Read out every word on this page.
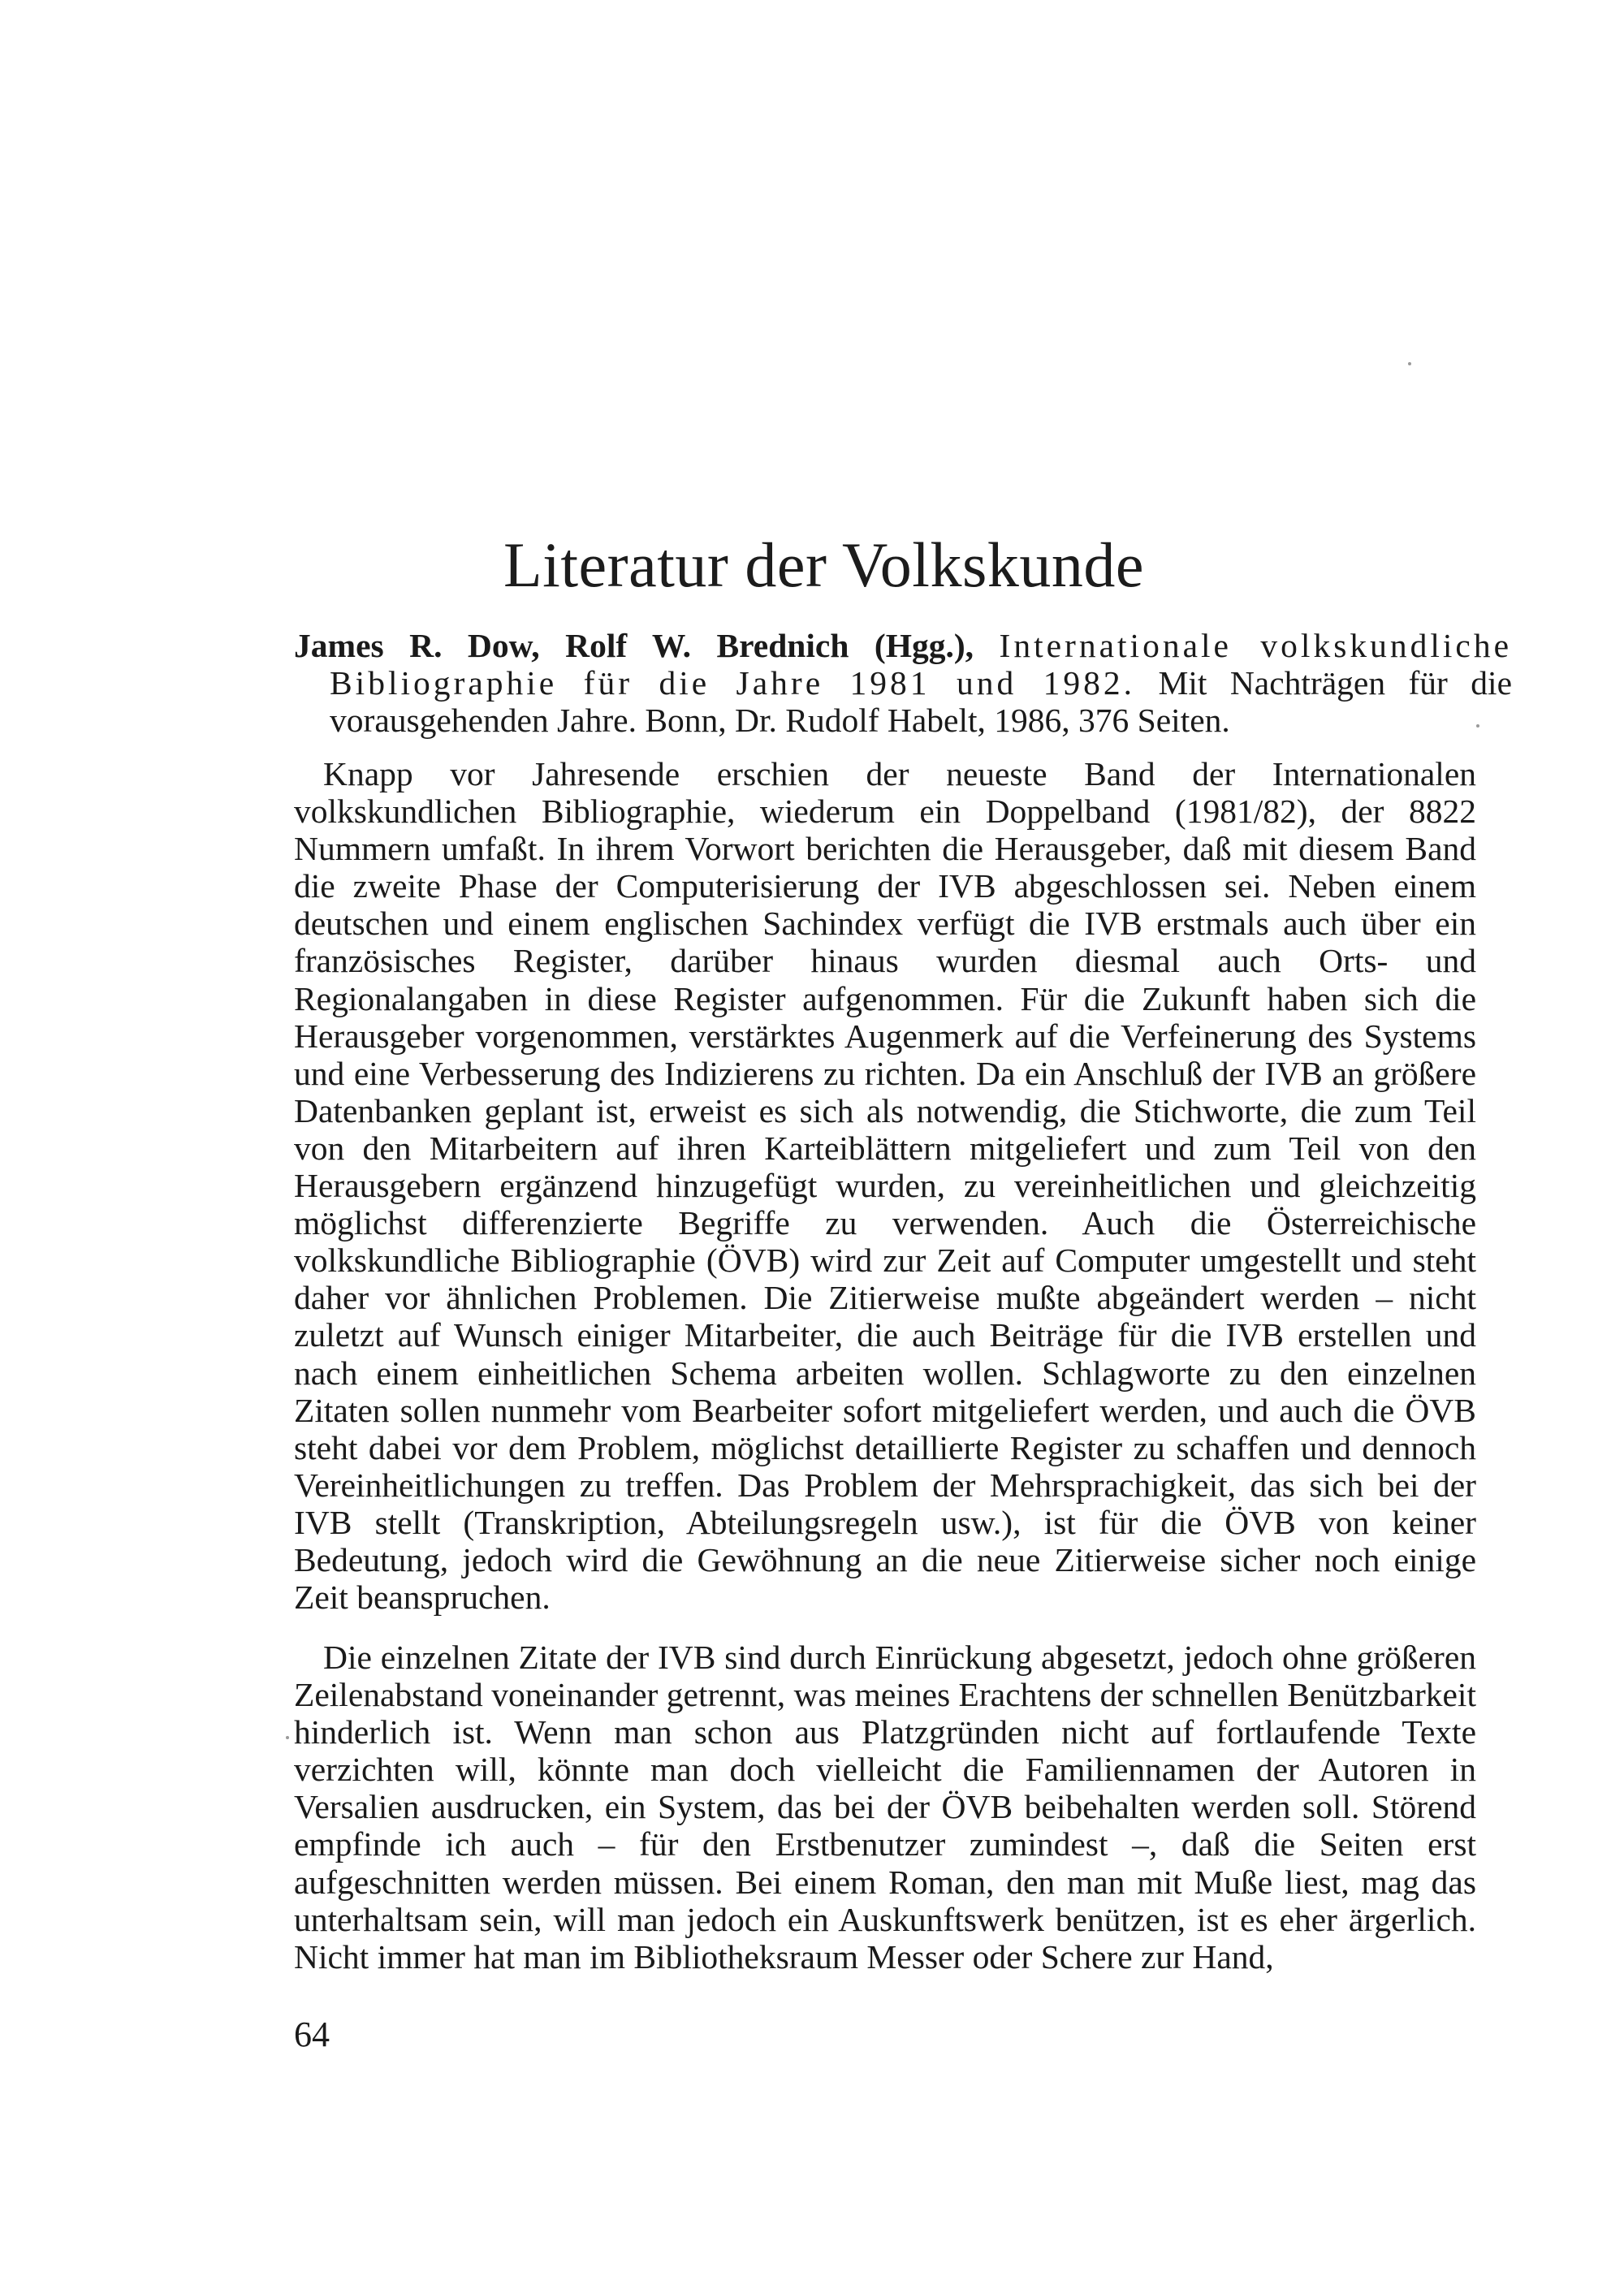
Literatur der Volkskunde

James R. Dow, Rolf W. Brednich (Hgg.), Internationale volkskundliche Bibliographie für die Jahre 1981 und 1982. Mit Nachträgen für die vorausgehenden Jahre. Bonn, Dr. Rudolf Habelt, 1986, 376 Seiten.

Knapp vor Jahresende erschien der neueste Band der Internationalen volkskundlichen Bibliographie, wiederum ein Doppelband (1981/82), der 8822 Nummern umfaßt. In ihrem Vorwort berichten die Herausgeber, daß mit diesem Band die zweite Phase der Computerisierung der IVB abgeschlossen sei. Neben einem deutschen und einem englischen Sachindex verfügt die IVB erstmals auch über ein französisches Register, darüber hinaus wurden diesmal auch Orts- und Regionalangaben in diese Register aufgenommen. Für die Zukunft haben sich die Herausgeber vorgenommen, verstärktes Augenmerk auf die Verfeinerung des Systems und eine Verbesserung des Indizierens zu richten. Da ein Anschluß der IVB an größere Datenbanken geplant ist, erweist es sich als notwendig, die Stichworte, die zum Teil von den Mitarbeitern auf ihren Karteiblättern mitgeliefert und zum Teil von den Herausgebern ergänzend hinzugefügt wurden, zu vereinheitlichen und gleichzeitig möglichst differenzierte Begriffe zu verwenden. Auch die Österreichische volkskundliche Bibliographie (ÖVB) wird zur Zeit auf Computer umgestellt und steht daher vor ähnlichen Problemen. Die Zitierweise mußte abgeändert werden – nicht zuletzt auf Wunsch einiger Mitarbeiter, die auch Beiträge für die IVB erstellen und nach einem einheitlichen Schema arbeiten wollen. Schlagworte zu den einzelnen Zitaten sollen nunmehr vom Bearbeiter sofort mitgeliefert werden, und auch die ÖVB steht dabei vor dem Problem, möglichst detaillierte Register zu schaffen und dennoch Vereinheitlichungen zu treffen. Das Problem der Mehrsprachigkeit, das sich bei der IVB stellt (Transkription, Abteilungsregeln usw.), ist für die ÖVB von keiner Bedeutung, jedoch wird die Gewöhnung an die neue Zitierweise sicher noch einige Zeit beanspruchen.

Die einzelnen Zitate der IVB sind durch Einrückung abgesetzt, jedoch ohne größeren Zeilenabstand voneinander getrennt, was meines Erachtens der schnellen Benützbarkeit hinderlich ist. Wenn man schon aus Platzgründen nicht auf fortlaufende Texte verzichten will, könnte man doch vielleicht die Familiennamen der Autoren in Versalien ausdrucken, ein System, das bei der ÖVB beibehalten werden soll. Störend empfinde ich auch – für den Erstbenutzer zumindest –, daß die Seiten erst aufgeschnitten werden müssen. Bei einem Roman, den man mit Muße liest, mag das unterhaltsam sein, will man jedoch ein Auskunftswerk benützen, ist es eher ärgerlich. Nicht immer hat man im Bibliotheksraum Messer oder Schere zur Hand,

64
